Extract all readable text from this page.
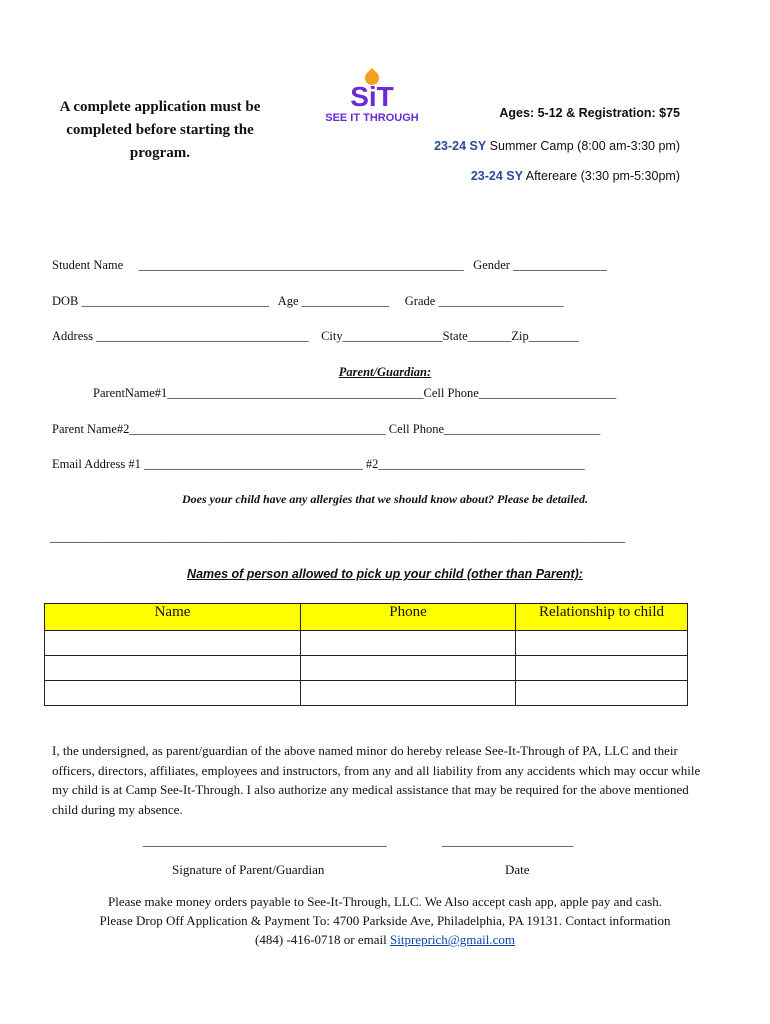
A complete application must be completed before starting the program.
SiT
SEE IT THROUGH	Ages: 5-12 & Registration: $75
23-24 SY Summer Camp (8:00 am-3:30 pm)
23-24 SY Aftereare (3:30 pm-5:30pm)
Student Name     ____________________________________________________   Gender _______________
DOB ______________________________   Age ______________     Grade ____________________
Address __________________________________    City________________State_______Zip________
Parent/Guardian:
ParentName#1_________________________________________Cell Phone______________________
Parent Name#2_________________________________________ Cell Phone_________________________
Email Address #1 ___________________________________ #2_________________________________
Does your child have any allergies that we should know about? Please be detailed.
_______________________________________________________________________________________________
Names of person allowed to pick up your child (other than Parent):
Name	Phone	Relationship to child

I, the undersigned, as parent/guardian of the above named minor do hereby release See-It-Through of PA, LLC and their officers, directors, affiliates, employees and instructors, from any and all liability from any accidents which may occur while my child is at Camp See-It-Through. I also authorize any medical assistance that may be required for the above mentioned child during my absence.
_______________________________________	_____________________
Signature of Parent/Guardian	Date
Please make money orders payable to See-It-Through, LLC. We Also accept cash app, apple pay and cash.
Please Drop Off Application & Payment To: 4700 Parkside Ave, Philadelphia, PA 19131. Contact information
(484) -416-0718 or email Sitpreprich@gmail.com
